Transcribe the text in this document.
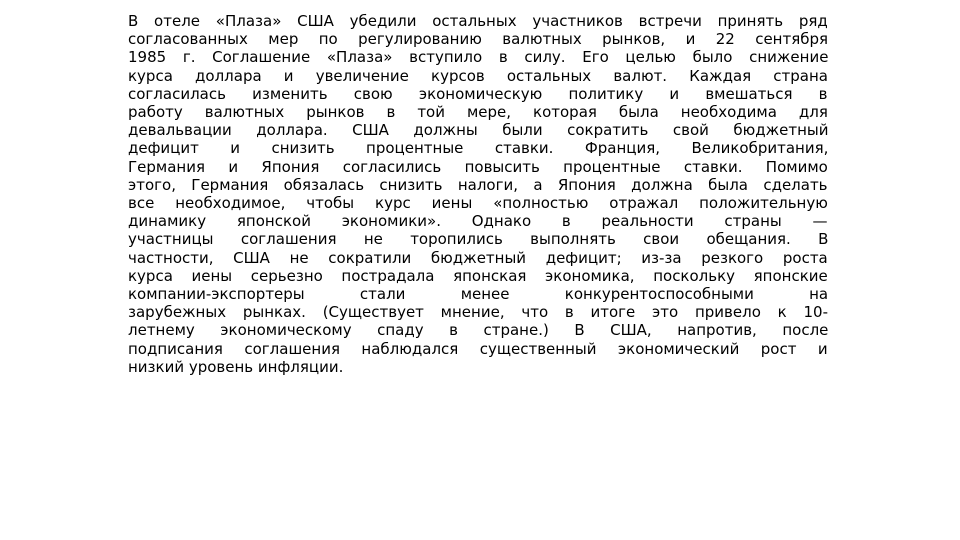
В отеле «Плаза» США убедили остальных участников встречи принять ряд
согласованных мер по регулированию валютных рынков, и 22 сентября
1985 г. Соглашение «Плаза» вступило в силу. Его целью было снижение
курса доллара и увеличение курсов остальных валют. Каждая страна
согласилась изменить свою экономическую политику и вмешаться в
работу валютных рынков в той мере, которая была необходима для
девальвации доллара. США должны были сократить свой бюджетный
дефицит и снизить процентные ставки. Франция, Великобритания,
Германия и Япония согласились повысить процентные ставки. Помимо
этого, Германия обязалась снизить налоги, а Япония должна была сделать
все необходимое, чтобы курс иены «полностью отражал положительную
динамику японской экономики». Однако в реальности страны —
участницы соглашения не торопились выполнять свои обещания. В
частности, США не сократили бюджетный дефицит; из-за резкого роста
курса иены серьезно пострадала японская экономика, поскольку японские
компании-экспортеры стали менее конкурентоспособными на
зарубежных рынках. (Существует мнение, что в итоге это привело к 10-
летнему экономическому спаду в стране.) В США, напротив, после
подписания соглашения наблюдался существенный экономический рост и
низкий уровень инфляции.
